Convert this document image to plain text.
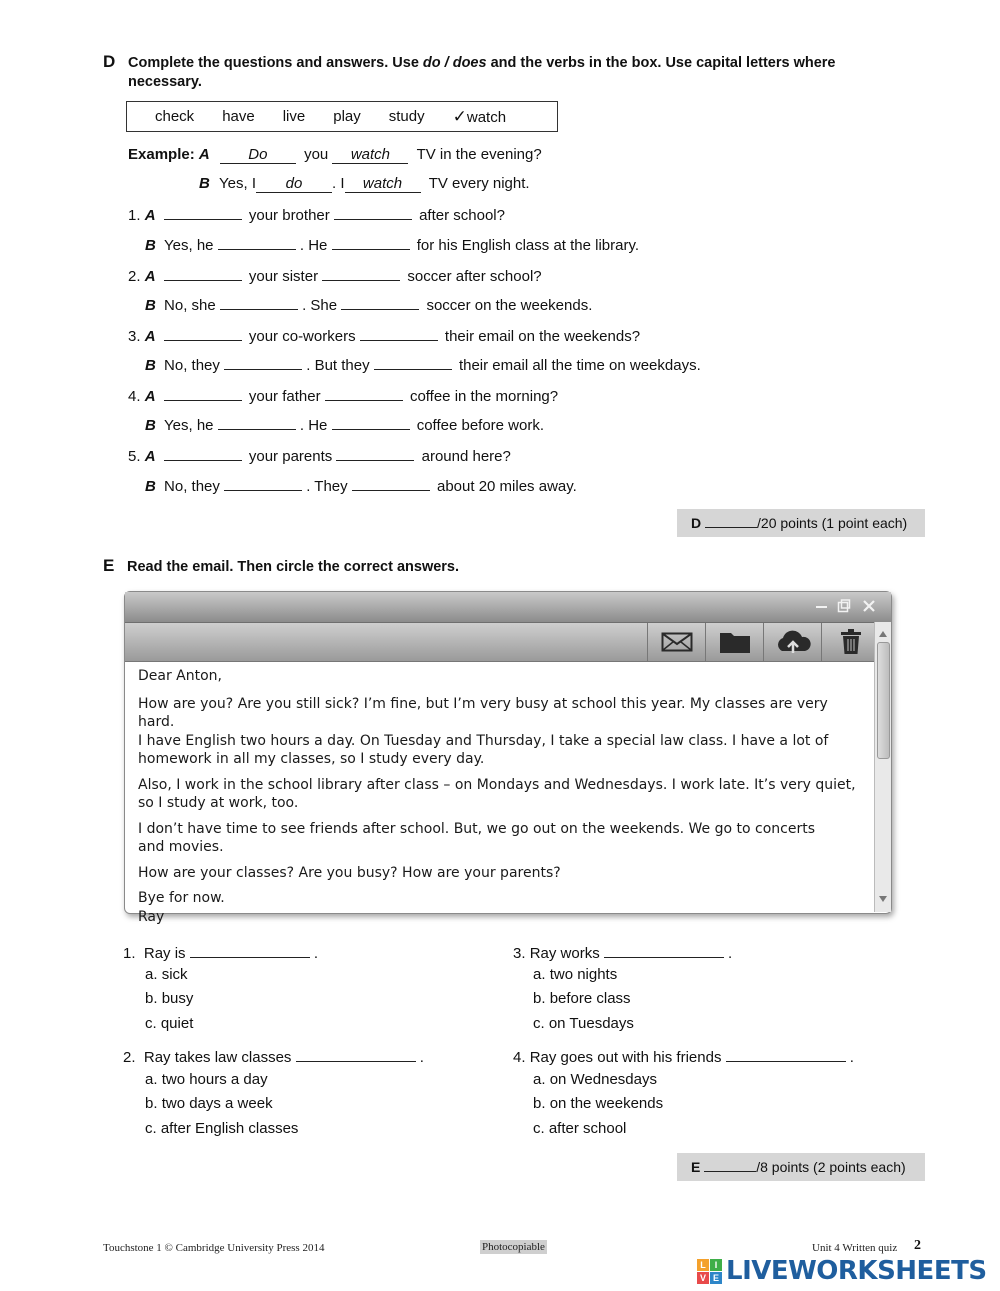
D Complete the questions and answers. Use do / does and the verbs in the box. Use capital letters where
necessary.
check have live play study ✓watch
Example: A	Do you watch TV in the evening?
B Yes, I do . I watch TV every night.
1. A	your brother	after school?
B Yes, he	. He	for his English class at the library.
2. A	your sister	soccer after school?
B No, she	. She	soccer on the weekends.
3. A	your co-workers	their email on the weekends?
B No, they	. But they	their email all the time on weekdays.
4. A	your father	coffee in the morning?
B Yes, he	. He	coffee before work.
5. A	your parents	around here?
B No, they	. They	about 20 miles away.
D	/20 points (1 point each)
E Read the email. Then circle the correct answers.

Dear Anton,

How are you? Are you still sick? I’m fine, but I’m very busy at school this year. My classes are very hard.
I have English two hours a day. On Tuesday and Thursday, I take a special law class. I have a lot of
homework in all my classes, so I study every day.

Also, I work in the school library after class – on Mondays and Wednesdays. I work late. It’s very quiet,
so I study at work, too.

I don’t have time to see friends after school. But, we go out on the weekends. We go to concerts
and movies.

How are your classes? Are you busy? How are your parents?

Bye for now.
Ray

1. Ray is	.
a. sick
b. busy
c. quiet
2. Ray takes law classes	.
a. two hours a day
b. two days a week
c. after English classes
3. Ray works	.
a. two nights
b. before class
c. on Tuesdays
4. Ray goes out with his friends	.
a. on Wednesdays
b. on the weekends
c. after school
E	/8 points (2 points each)
Touchstone 1 © Cambridge University Press 2014	Photocopiable	Unit 4 Written quiz 2
L I
V E LIVEWORKSHEETS
